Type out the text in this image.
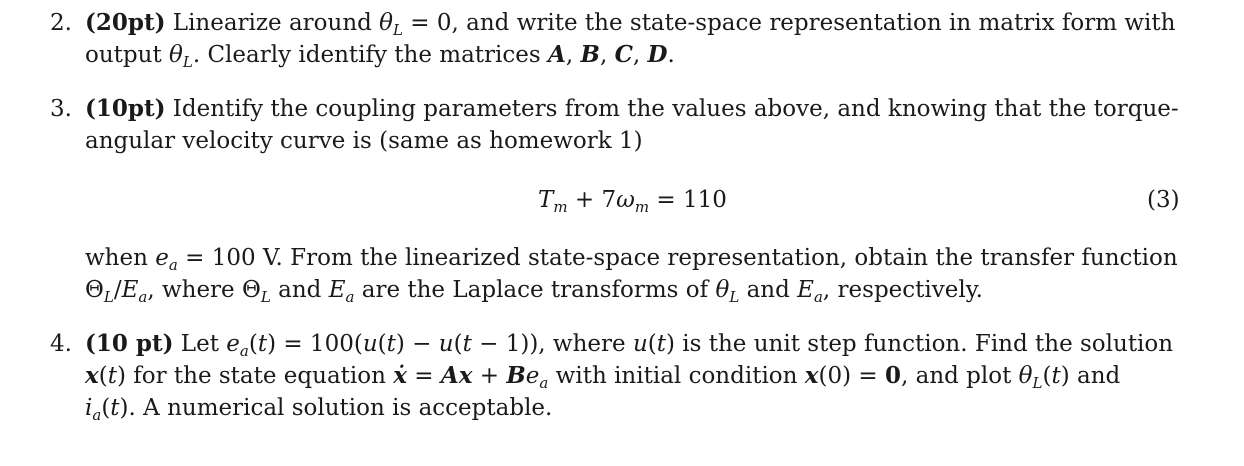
2. (20pt) Linearize around $\theta_L = 0$, and write the state-space representation in matrix form with
output $\theta_L$. Clearly identify the matrices A, B, C, D.
3. (10pt) Identify the coupling parameters from the values above, and knowing that the torque-
angular velocity curve is (same as homework 1)
$T_m + 7\omega_m = 110$	(3)
when $e_a = 100$ V. From the linearized state-space representation, obtain the transfer function
$\Theta_L/E_a$, where $\Theta_L$ and $E_a$ are the Laplace transforms of $\theta_L$ and $E_a$, respectively.
4. (10 pt) Let $e_a(t) = 100(u(t) - u(t - 1))$, where u(t) is the unit step function. Find the solution
x(t) for the state equation ẋ = $Ax + Be_a$ with initial condition x(0) = 0, and plot $\theta_L(t)$ and
$i_a(t)$. A numerical solution is acceptable.
